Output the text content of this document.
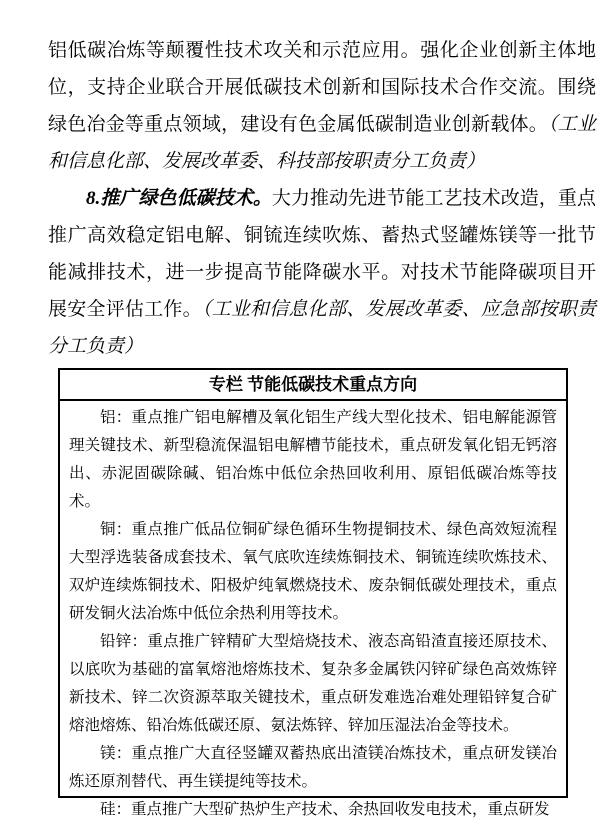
铝低碳冶炼等颠覆性技术攻关和示范应用。强化企业创新主体地位，支持企业联合开展低碳技术创新和国际技术合作交流。围绕绿色冶金等重点领域，建设有色金属低碳制造业创新载体。（工业和信息化部、发展改革委、科技部按职责分工负责）

8.推广绿色低碳技术。大力推动先进节能工艺技术改造，重点推广高效稳定铝电解、铜锍连续吹炼、蓄热式竖罐炼镁等一批节能减排技术，进一步提高节能降碳水平。对技术节能降碳项目开展安全评估工作。（工业和信息化部、发展改革委、应急部按职责分工负责）

专栏 节能低碳技术重点方向

铝：重点推广铝电解槽及氧化铝生产线大型化技术、铝电解能源管理关键技术、新型稳流保温铝电解槽节能技术，重点研发氧化铝无钙溶出、赤泥固碳除碱、铝冶炼中低位余热回收利用、原铝低碳冶炼等技术。

铜：重点推广低品位铜矿绿色循环生物提铜技术、绿色高效短流程大型浮选装备成套技术、氧气底吹连续炼铜技术、铜锍连续吹炼技术、双炉连续炼铜技术、阳极炉纯氧燃烧技术、废杂铜低碳处理技术，重点研发铜火法冶炼中低位余热利用等技术。

铅锌：重点推广锌精矿大型焙烧技术、液态高铅渣直接还原技术、以底吹为基础的富氧熔池熔炼技术、复杂多金属铁闪锌矿绿色高效炼锌新技术、锌二次资源萃取关键技术，重点研发难选冶难处理铅锌复合矿熔池熔炼、铅冶炼低碳还原、氨法炼锌、锌加压湿法冶金等技术。

镁：重点推广大直径竖罐双蓄热底出渣镁冶炼技术，重点研发镁冶炼还原剂替代、再生镁提纯等技术。

硅：重点推广大型矿热炉生产技术、余热回收发电技术，重点研发
